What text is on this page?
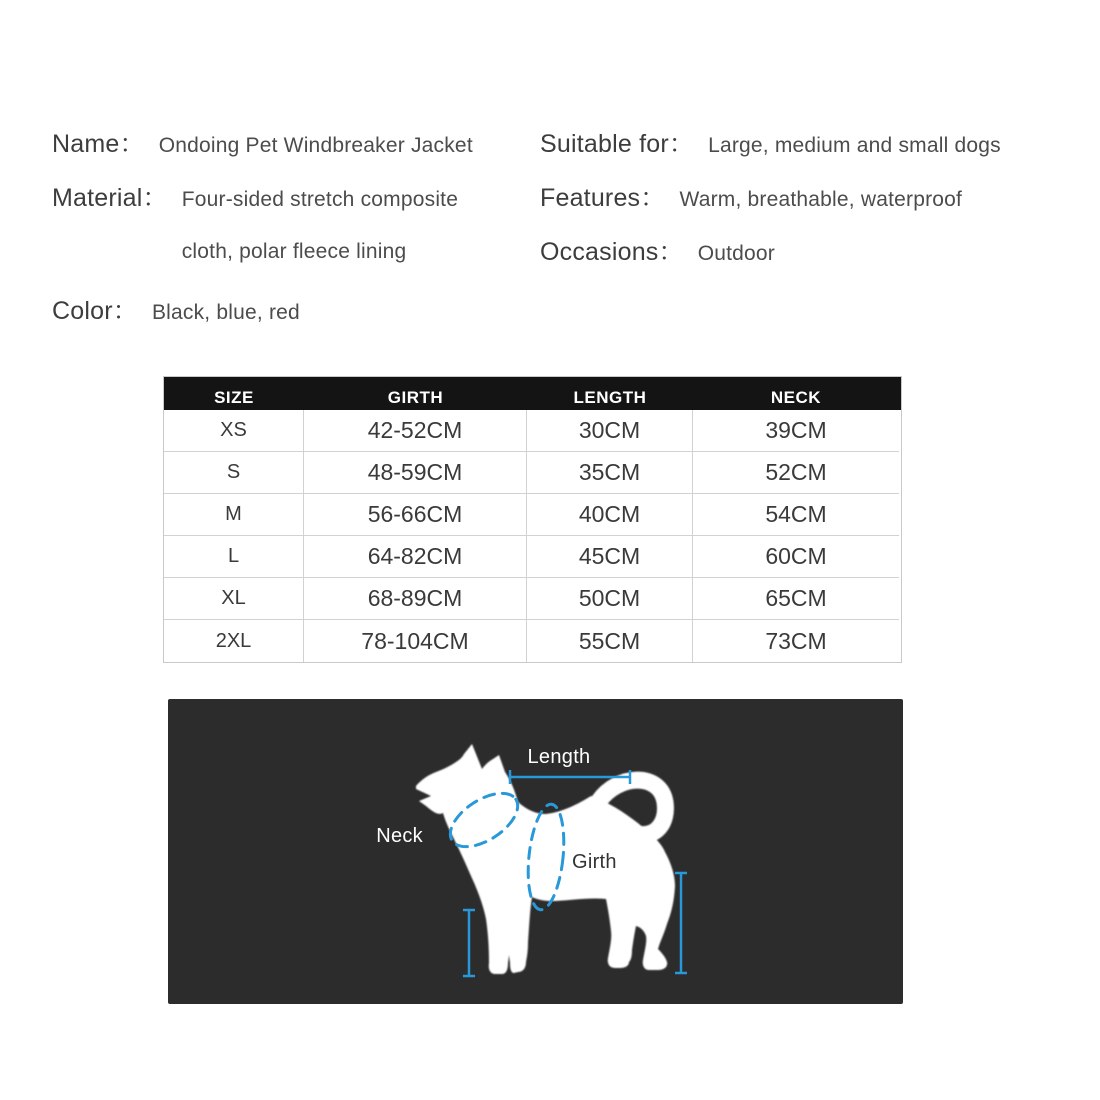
Name： Ondoing Pet Windbreaker Jacket
Material： Four-sided stretch composite cloth, polar fleece lining
Color： Black, blue, red
Suitable for： Large, medium and small dogs
Features： Warm, breathable, waterproof
Occasions： Outdoor
SIZE	GIRTH	LENGTH	NECK
XS	42-52CM	30CM	39CM
S	48-59CM	35CM	52CM
M	56-66CM	40CM	54CM
L	64-82CM	45CM	60CM
XL	68-89CM	50CM	65CM
2XL	78-104CM	55CM	73CM
Length
Neck
Girth
